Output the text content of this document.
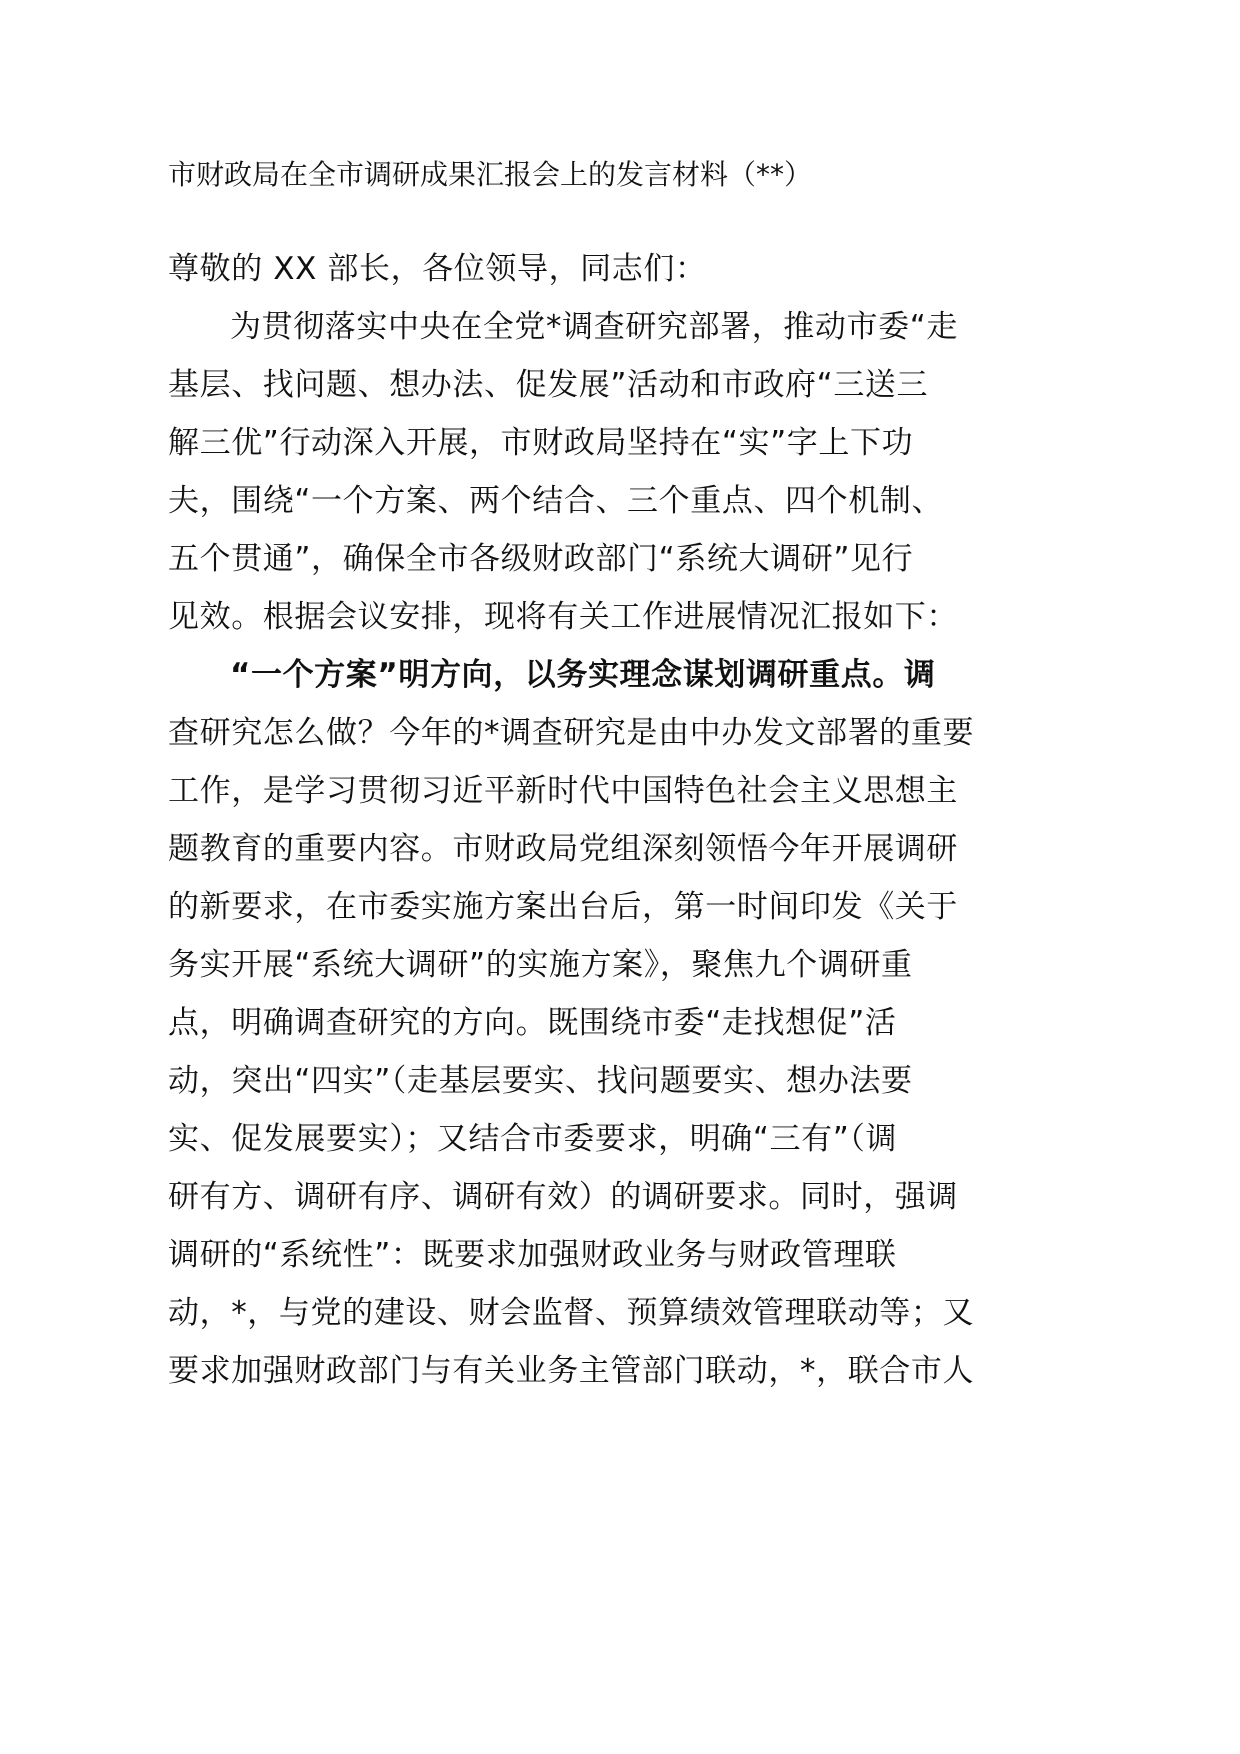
市财政局在全市调研成果汇报会上的发言材料（**）
尊敬的 XX 部长，各位领导，同志们：
为贯彻落实中央在全党*调查研究部署，推动市委“走
基层、找问题、想办法、促发展”活动和市政府“三送三
解三优”行动深入开展，市财政局坚持在“实”字上下功
夫，围绕“一个方案、两个结合、三个重点、四个机制、
五个贯通”，确保全市各级财政部门“系统大调研”见行
见效。根据会议安排，现将有关工作进展情况汇报如下：
“一个方案”明方向，以务实理念谋划调研重点。调
查研究怎么做？今年的*调查研究是由中办发文部署的重要
工作，是学习贯彻习近平新时代中国特色社会主义思想主
题教育的重要内容。市财政局党组深刻领悟今年开展调研
的新要求，在市委实施方案出台后，第一时间印发《关于
务实开展“系统大调研”的实施方案》，聚焦九个调研重
点，明确调查研究的方向。既围绕市委“走找想促”活
动，突出“四实”（走基层要实、找问题要实、想办法要
实、促发展要实）；又结合市委要求，明确“三有”（调
研有方、调研有序、调研有效）的调研要求。同时，强调
调研的“系统性”：既要求加强财政业务与财政管理联
动，*，与党的建设、财会监督、预算绩效管理联动等；又
要求加强财政部门与有关业务主管部门联动，*，联合市人
